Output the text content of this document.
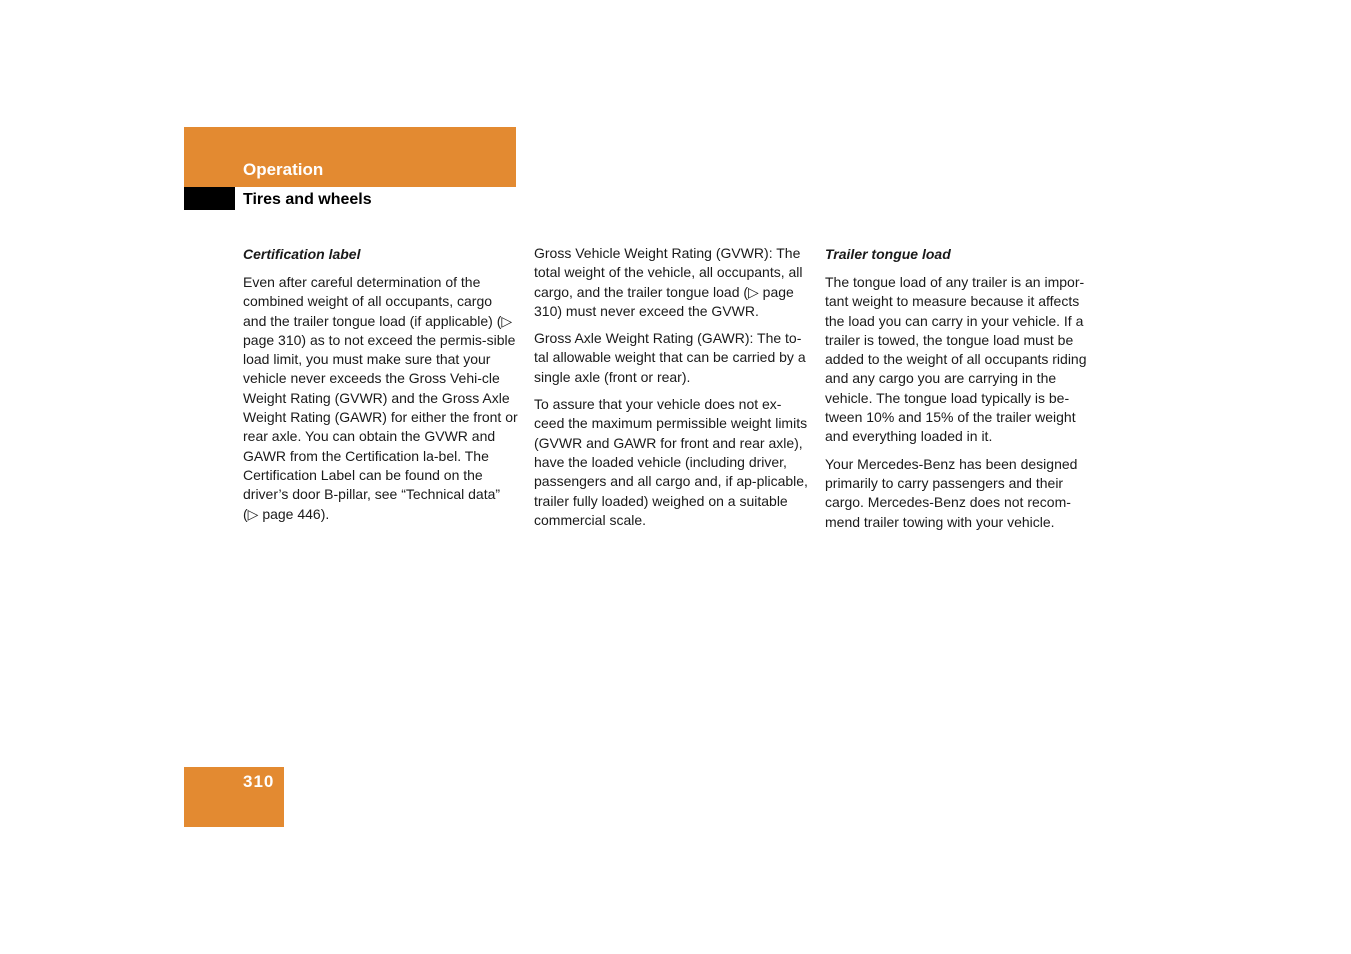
Operation
Tires and wheels
Certification label

Even after careful determination of the combined weight of all occupants, cargo and the trailer tongue load (if applicable) (▷ page 310) as to not exceed the permis-sible load limit, you must make sure that your vehicle never exceeds the Gross Vehi-cle Weight Rating (GVWR) and the Gross Axle Weight Rating (GAWR) for either the front or rear axle. You can obtain the GVWR and GAWR from the Certification la-bel. The Certification Label can be found on the driver’s door B-pillar, see “Technical data” (▷ page 446).

Gross Vehicle Weight Rating (GVWR): The total weight of the vehicle, all occupants, all cargo, and the trailer tongue load (▷ page 310) must never exceed the GVWR.

Gross Axle Weight Rating (GAWR): The to-tal allowable weight that can be carried by a single axle (front or rear).

To assure that your vehicle does not ex-ceed the maximum permissible weight limits (GVWR and GAWR for front and rear axle), have the loaded vehicle (including driver, passengers and all cargo and, if ap-plicable, trailer fully loaded) weighed on a suitable commercial scale.

Trailer tongue load

The tongue load of any trailer is an impor-tant weight to measure because it affects the load you can carry in your vehicle. If a trailer is towed, the tongue load must be added to the weight of all occupants riding and any cargo you are carrying in the vehicle. The tongue load typically is be-tween 10% and 15% of the trailer weight and everything loaded in it.

Your Mercedes-Benz has been designed primarily to carry passengers and their cargo. Mercedes-Benz does not recom-mend trailer towing with your vehicle.

310
